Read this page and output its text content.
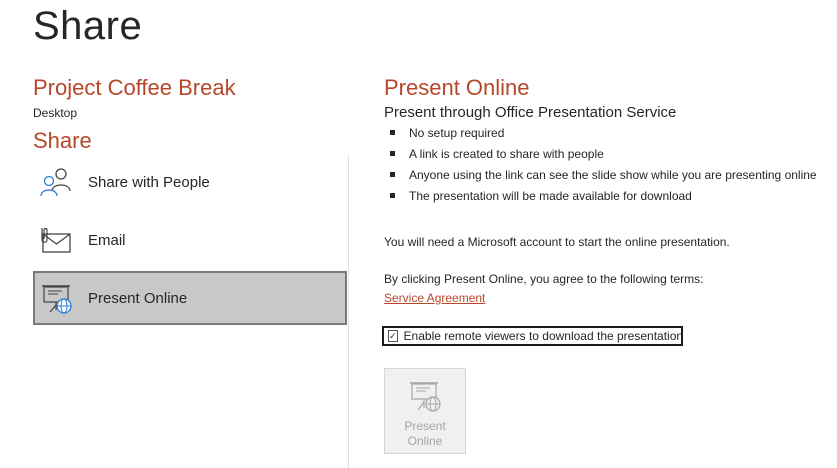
Share
Project Coffee Break
Desktop
Share
Share with People
Email
Present Online
Present Online
Present through Office Presentation Service
No setup required
A link is created to share with people
Anyone using the link can see the slide show while you are presenting online
The presentation will be made available for download
You will need a Microsoft account to start the online presentation.
By clicking Present Online, you agree to the following terms:
Service Agreement
✓ Enable remote viewers to download the presentation
Present Online
